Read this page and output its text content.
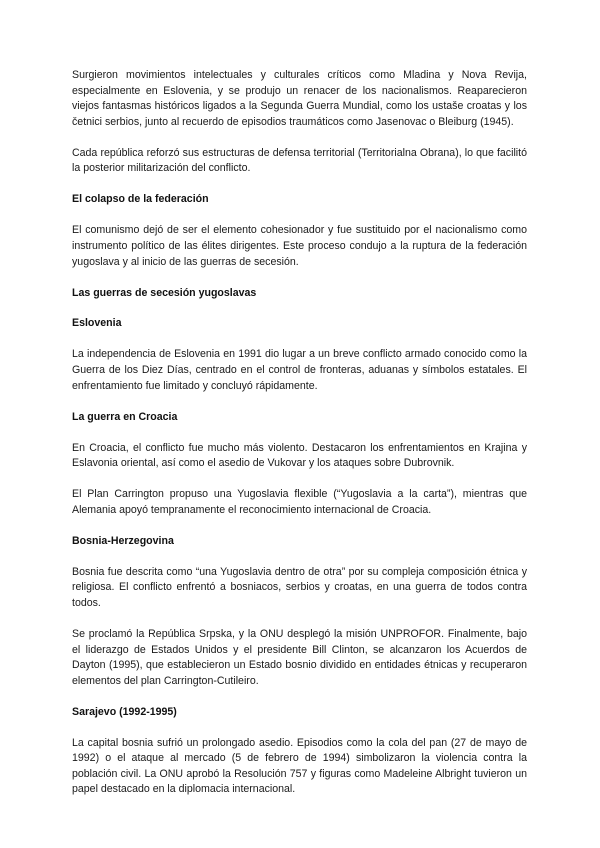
Surgieron movimientos intelectuales y culturales críticos como Mladina y Nova Revija, especialmente en Eslovenia, y se produjo un renacer de los nacionalismos. Reaparecieron viejos fantasmas históricos ligados a la Segunda Guerra Mundial, como los ustaše croatas y los četnici serbios, junto al recuerdo de episodios traumáticos como Jasenovac o Bleiburg (1945).

Cada república reforzó sus estructuras de defensa territorial (Territorialna Obrana), lo que facilitó la posterior militarización del conflicto.

El colapso de la federación

El comunismo dejó de ser el elemento cohesionador y fue sustituido por el nacionalismo como instrumento político de las élites dirigentes. Este proceso condujo a la ruptura de la federación yugoslava y al inicio de las guerras de secesión.

Las guerras de secesión yugoslavas
Eslovenia

La independencia de Eslovenia en 1991 dio lugar a un breve conflicto armado conocido como la Guerra de los Diez Días, centrado en el control de fronteras, aduanas y símbolos estatales. El enfrentamiento fue limitado y concluyó rápidamente.

La guerra en Croacia

En Croacia, el conflicto fue mucho más violento. Destacaron los enfrentamientos en Krajina y Eslavonia oriental, así como el asedio de Vukovar y los ataques sobre Dubrovnik.

El Plan Carrington propuso una Yugoslavia flexible (“Yugoslavia a la carta”), mientras que Alemania apoyó tempranamente el reconocimiento internacional de Croacia.

Bosnia-Herzegovina

Bosnia fue descrita como “una Yugoslavia dentro de otra” por su compleja composición étnica y religiosa. El conflicto enfrentó a bosniacos, serbios y croatas, en una guerra de todos contra todos.

Se proclamó la República Srpska, y la ONU desplegó la misión UNPROFOR. Finalmente, bajo el liderazgo de Estados Unidos y el presidente Bill Clinton, se alcanzaron los Acuerdos de Dayton (1995), que establecieron un Estado bosnio dividido en entidades étnicas y recuperaron elementos del plan Carrington-Cutileiro.

Sarajevo (1992-1995)

La capital bosnia sufrió un prolongado asedio. Episodios como la cola del pan (27 de mayo de 1992) o el ataque al mercado (5 de febrero de 1994) simbolizaron la violencia contra la población civil. La ONU aprobó la Resolución 757 y figuras como Madeleine Albright tuvieron un papel destacado en la diplomacia internacional.
